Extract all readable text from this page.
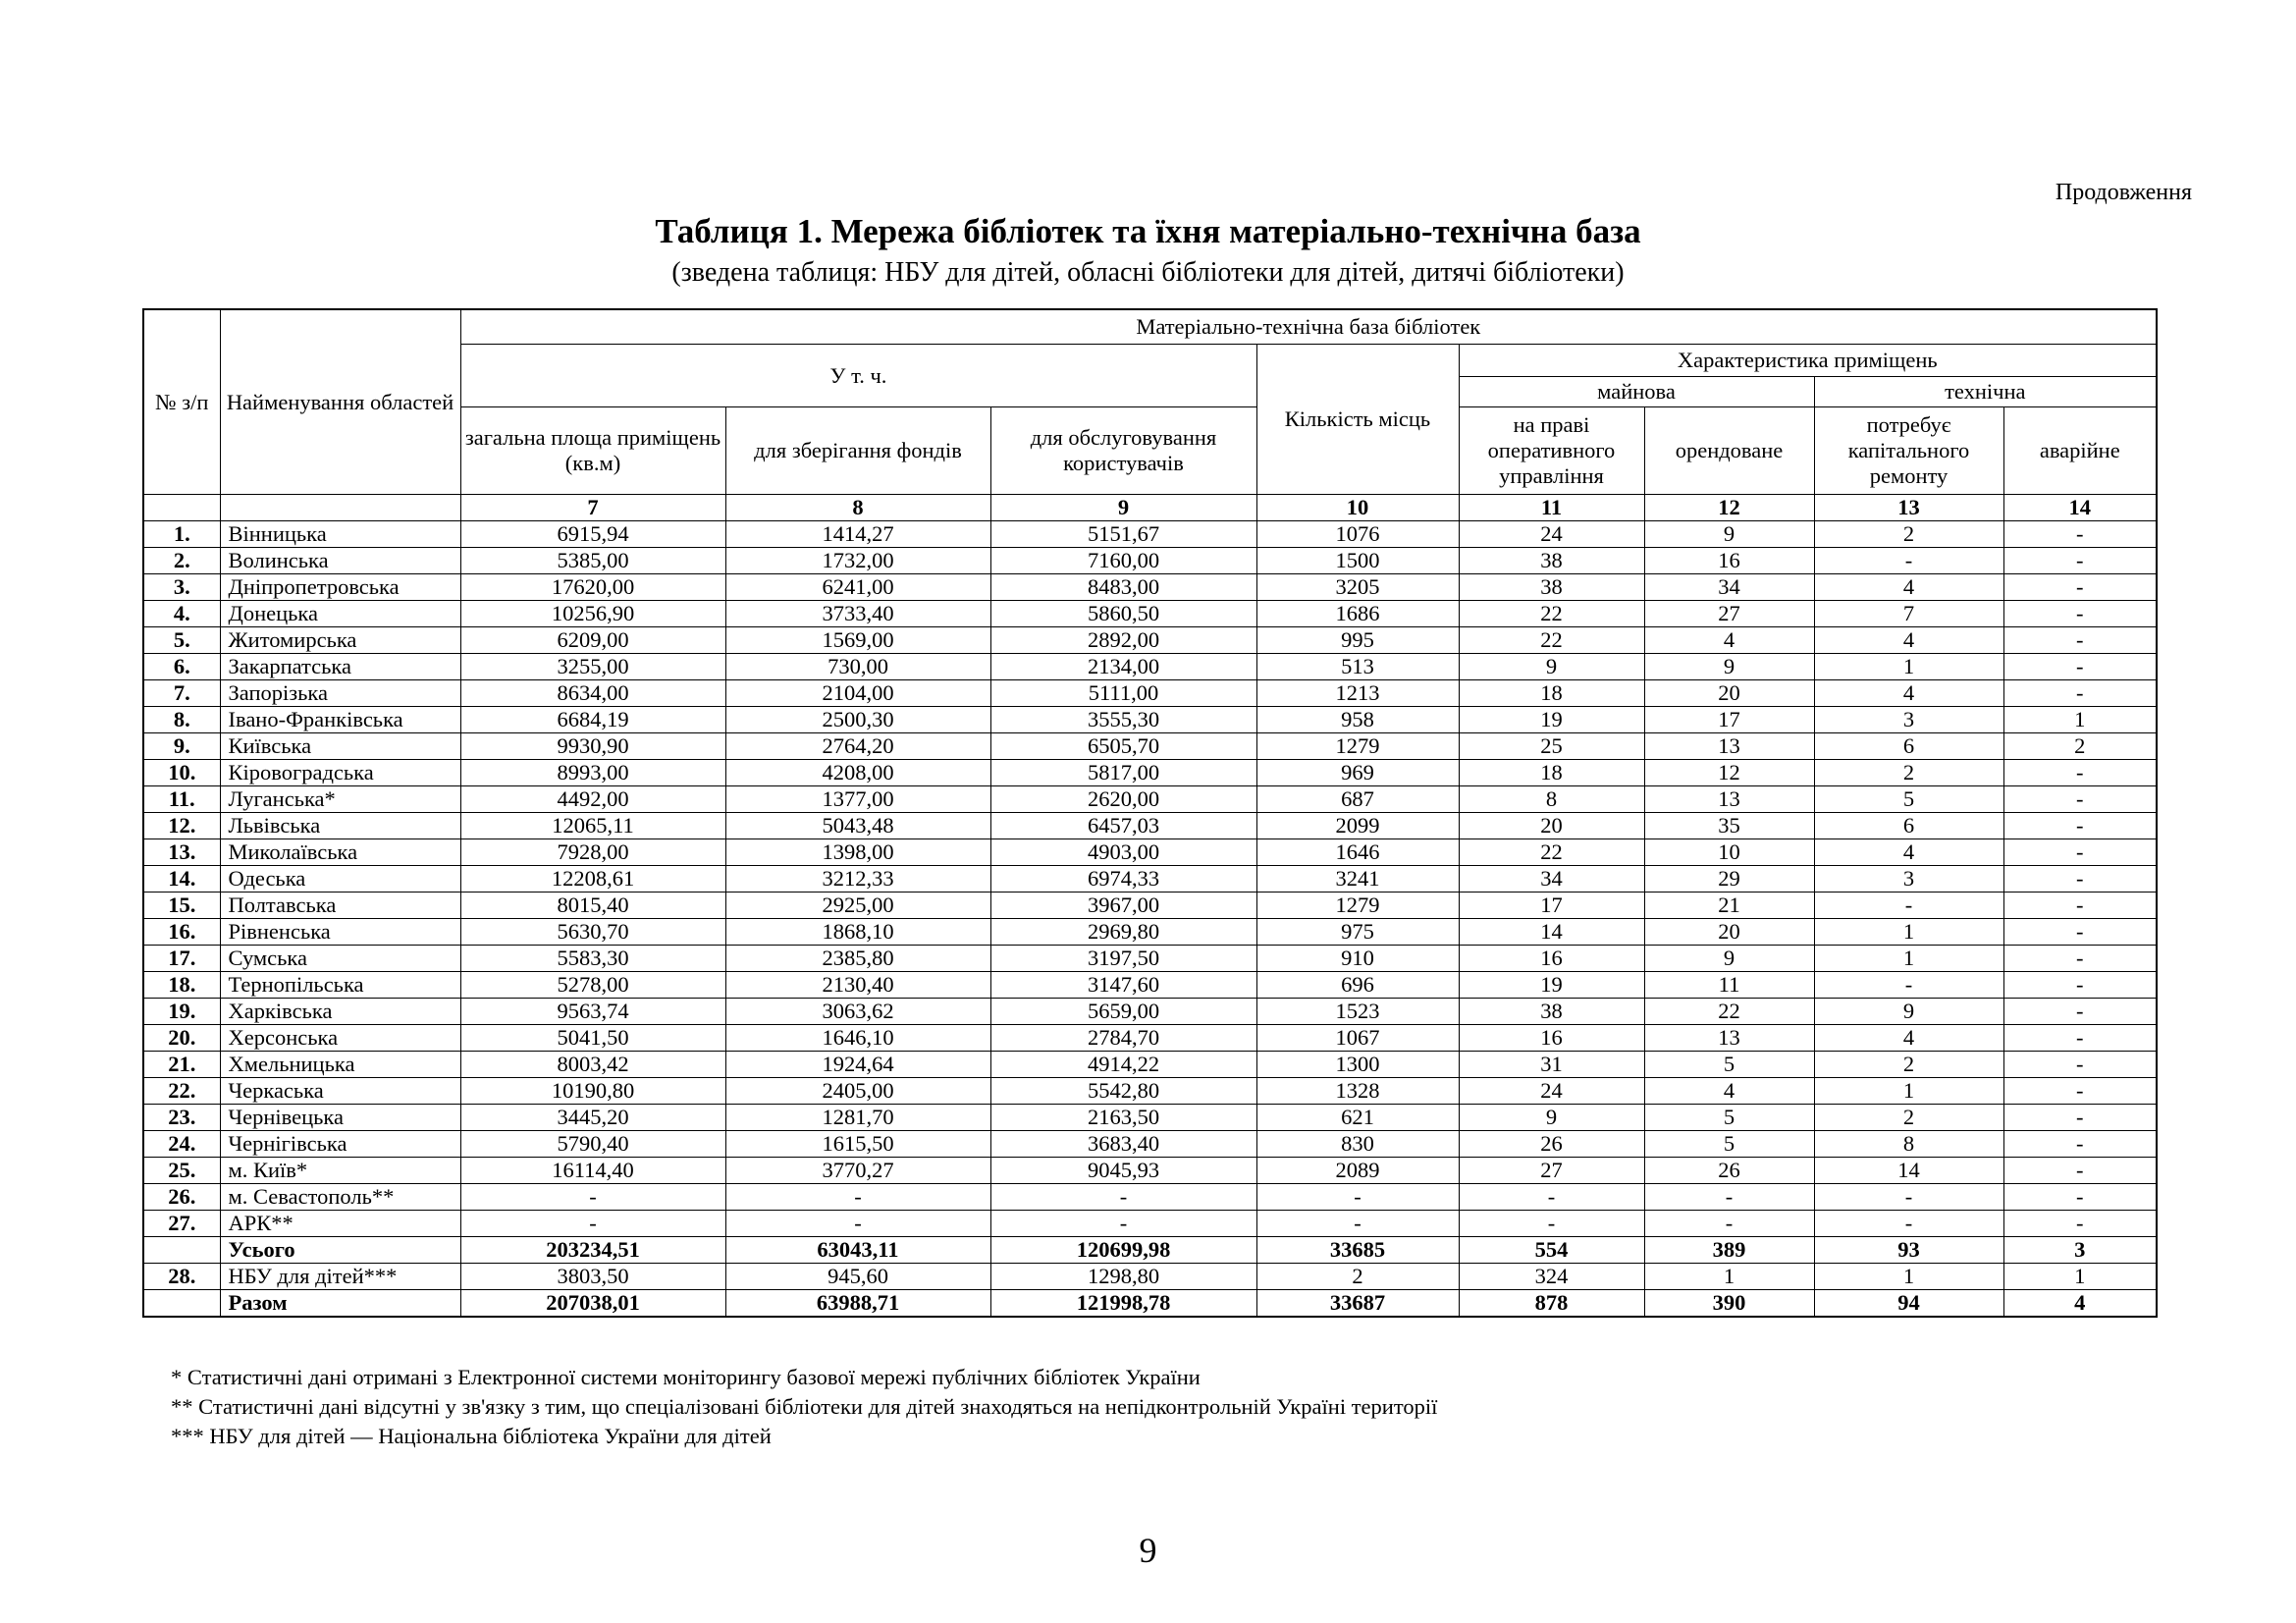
Продовження
Таблиця 1. Мережа бібліотек та їхня матеріально-технічна база
(зведена таблиця: НБУ для дітей, обласні бібліотеки для дітей, дитячі бібліотеки)
№ з/п	Найменування областей	Матеріально-технічна база бібліотек							
		У т. ч.			Кількість місць	Характеристика приміщень			
						майнова		технічна	
		загальна площа приміщень (кв.м)	для зберігання фондів	для обслуговування користувачів		на праві оперативного управління	орендоване	потребує капітального ремонту	аварійне
		7	8	9	10	11	12	13	14
1.	Вінницька	6915,94	1414,27	5151,67	1076	24	9	2	-
2.	Волинська	5385,00	1732,00	7160,00	1500	38	16	-	-
3.	Дніпропетровська	17620,00	6241,00	8483,00	3205	38	34	4	-
4.	Донецька	10256,90	3733,40	5860,50	1686	22	27	7	-
5.	Житомирська	6209,00	1569,00	2892,00	995	22	4	4	-
6.	Закарпатська	3255,00	730,00	2134,00	513	9	9	1	-
7.	Запорізька	8634,00	2104,00	5111,00	1213	18	20	4	-
8.	Івано-Франківська	6684,19	2500,30	3555,30	958	19	17	3	1
9.	Київська	9930,90	2764,20	6505,70	1279	25	13	6	2
10.	Кіровоградська	8993,00	4208,00	5817,00	969	18	12	2	-
11.	Луганська*	4492,00	1377,00	2620,00	687	8	13	5	-
12.	Львівська	12065,11	5043,48	6457,03	2099	20	35	6	-
13.	Миколаївська	7928,00	1398,00	4903,00	1646	22	10	4	-
14.	Одеська	12208,61	3212,33	6974,33	3241	34	29	3	-
15.	Полтавська	8015,40	2925,00	3967,00	1279	17	21	-	-
16.	Рівненська	5630,70	1868,10	2969,80	975	14	20	1	-
17.	Сумська	5583,30	2385,80	3197,50	910	16	9	1	-
18.	Тернопільська	5278,00	2130,40	3147,60	696	19	11	-	-
19.	Харківська	9563,74	3063,62	5659,00	1523	38	22	9	-
20.	Херсонська	5041,50	1646,10	2784,70	1067	16	13	4	-
21.	Хмельницька	8003,42	1924,64	4914,22	1300	31	5	2	-
22.	Черкаська	10190,80	2405,00	5542,80	1328	24	4	1	-
23.	Чернівецька	3445,20	1281,70	2163,50	621	9	5	2	-
24.	Чернігівська	5790,40	1615,50	3683,40	830	26	5	8	-
25.	м. Київ*	16114,40	3770,27	9045,93	2089	27	26	14	-
26.	м. Севастополь**	-	-	-	-	-	-	-	-
27.	АРК**	-	-	-	-	-	-	-	-
	Усього	203234,51	63043,11	120699,98	33685	554	389	93	3
28.	НБУ для дітей***	3803,50	945,60	1298,80	2	324	1	1	1
	Разом	207038,01	63988,71	121998,78	33687	878	390	94	4
* Статистичні дані отримані з Електронної системи моніторингу базової мережі публічних бібліотек України
** Статистичні дані відсутні у зв'язку з тим, що спеціалізовані бібліотеки для дітей знаходяться на непідконтрольній Україні території
*** НБУ для дітей — Національна бібліотека України для дітей
9
